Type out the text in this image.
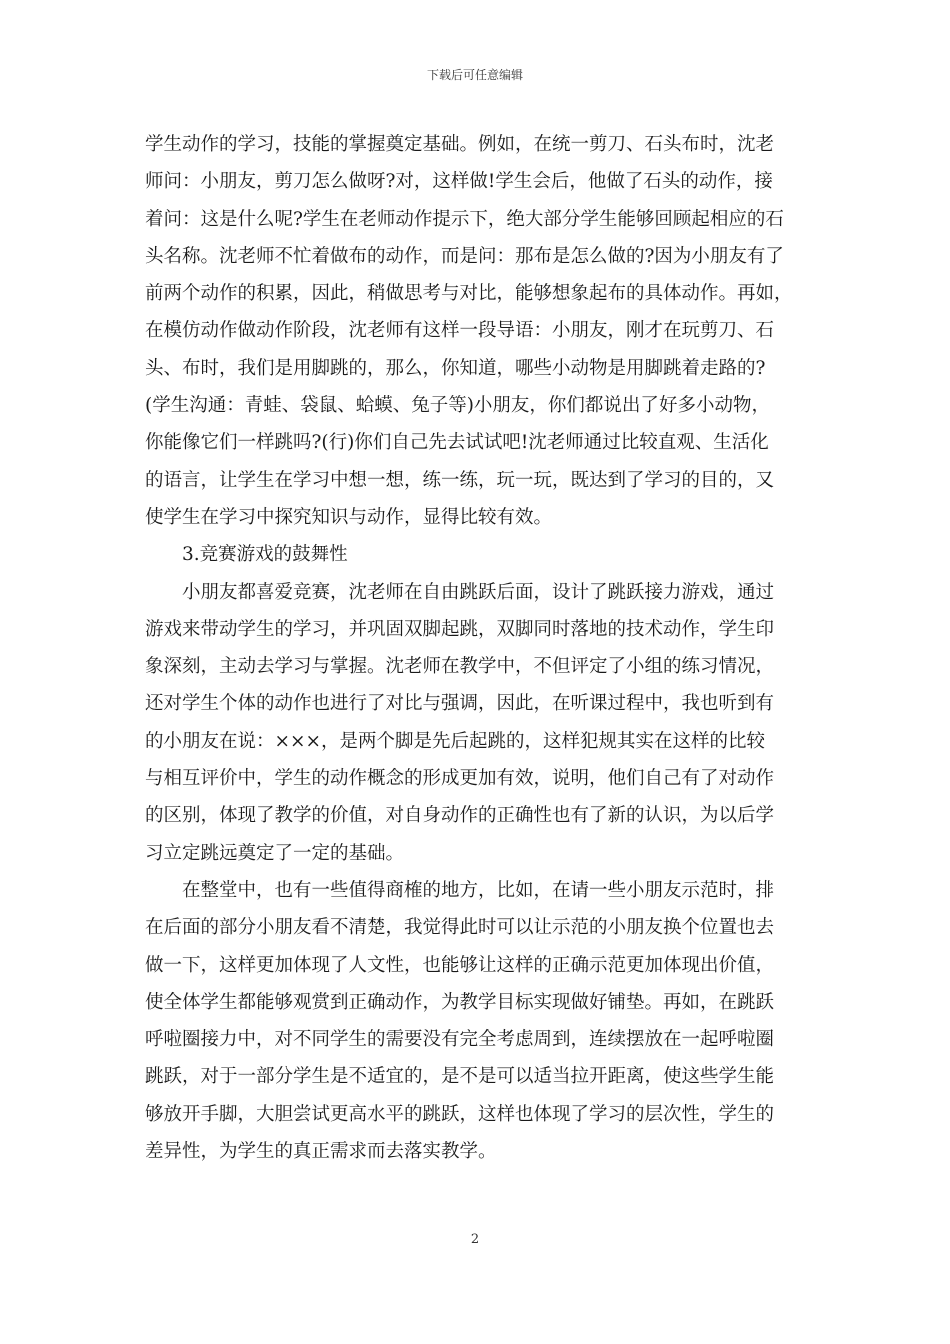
下载后可任意编辑
学生动作的学习，技能的掌握奠定基础。例如，在统一剪刀、石头布时，沈老
师问：小朋友，剪刀怎么做呀?对，这样做!学生会后，他做了石头的动作，接
着问：这是什么呢?学生在老师动作提示下，绝大部分学生能够回顾起相应的石
头名称。沈老师不忙着做布的动作，而是问：那布是怎么做的?因为小朋友有了
前两个动作的积累，因此，稍做思考与对比，能够想象起布的具体动作。再如，
在模仿动作做动作阶段，沈老师有这样一段导语：小朋友，刚才在玩剪刀、石
头、布时，我们是用脚跳的，那么，你知道，哪些小动物是用脚跳着走路的?
(学生沟通：青蛙、袋鼠、蛤蟆、兔子等)小朋友，你们都说出了好多小动物，
你能像它们一样跳吗?(行)你们自己先去试试吧!沈老师通过比较直观、生活化
的语言，让学生在学习中想一想，练一练，玩一玩，既达到了学习的目的，又
使学生在学习中探究知识与动作，显得比较有效。
　　3.竞赛游戏的鼓舞性
　　小朋友都喜爱竞赛，沈老师在自由跳跃后面，设计了跳跃接力游戏，通过
游戏来带动学生的学习，并巩固双脚起跳，双脚同时落地的技术动作，学生印
象深刻，主动去学习与掌握。沈老师在教学中，不但评定了小组的练习情况，
还对学生个体的动作也进行了对比与强调，因此，在听课过程中，我也听到有
的小朋友在说：×××，是两个脚是先后起跳的，这样犯规其实在这样的比较
与相互评价中，学生的动作概念的形成更加有效，说明，他们自己有了对动作
的区别，体现了教学的价值，对自身动作的正确性也有了新的认识，为以后学
习立定跳远奠定了一定的基础。
　　在整堂中，也有一些值得商榷的地方，比如，在请一些小朋友示范时，排
在后面的部分小朋友看不清楚，我觉得此时可以让示范的小朋友换个位置也去
做一下，这样更加体现了人文性，也能够让这样的正确示范更加体现出价值，
使全体学生都能够观赏到正确动作，为教学目标实现做好铺垫。再如，在跳跃
呼啦圈接力中，对不同学生的需要没有完全考虑周到，连续摆放在一起呼啦圈
跳跃，对于一部分学生是不适宜的，是不是可以适当拉开距离，使这些学生能
够放开手脚，大胆尝试更高水平的跳跃，这样也体现了学习的层次性，学生的
差异性，为学生的真正需求而去落实教学。
2
